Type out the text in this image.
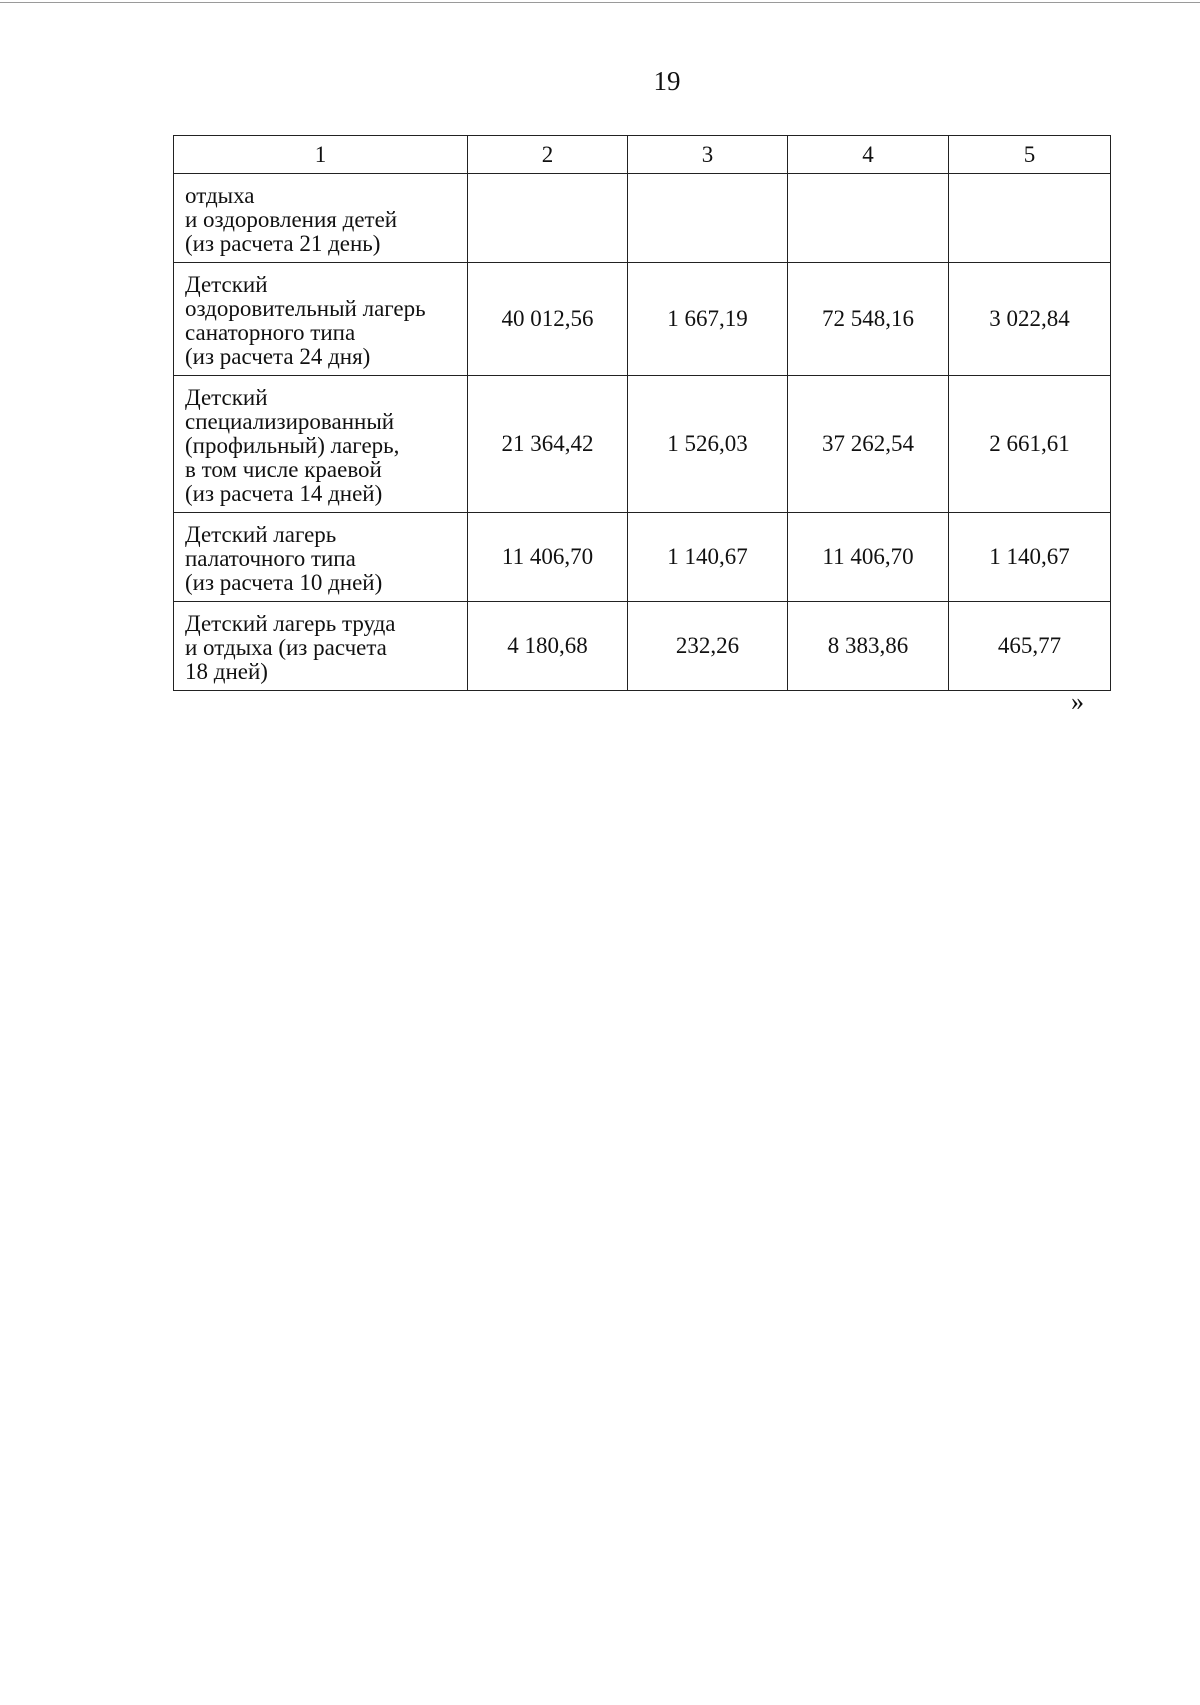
19
1	2	3	4	5
отдыха
и оздоровления детей
(из расчета 21 день)				
Детский
оздоровительный лагерь
санаторного типа
(из расчета 24 дня)	40 012,56	1 667,19	72 548,16	3 022,84
Детский
специализированный
(профильный) лагерь,
в том числе краевой
(из расчета 14 дней)	21 364,42	1 526,03	37 262,54	2 661,61
Детский лагерь
палаточного типа
(из расчета 10 дней)	11 406,70	1 140,67	11 406,70	1 140,67
Детский лагерь труда
и отдыха (из расчета
18 дней)	4 180,68	232,26	8 383,86	465,77
»
